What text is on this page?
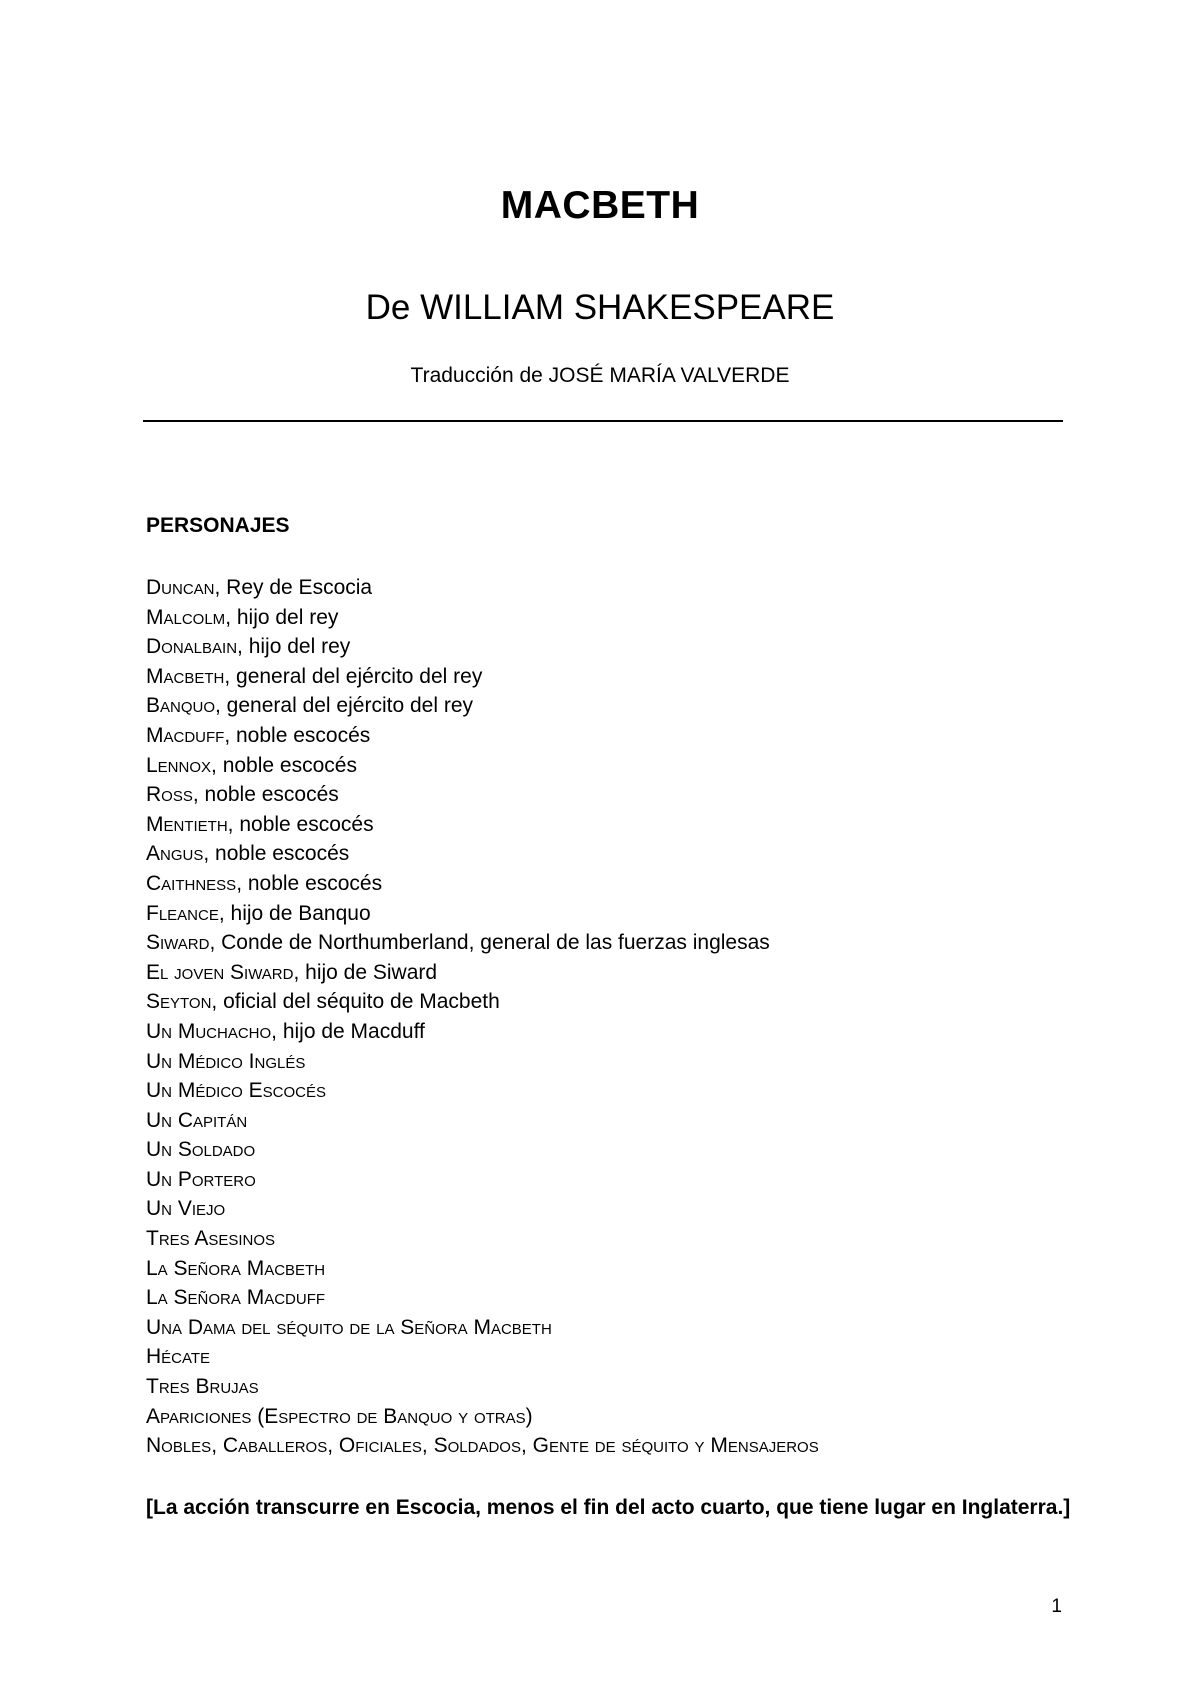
MACBETH
De WILLIAM SHAKESPEARE
Traducción de JOSÉ MARÍA VALVERDE
PERSONAJES
Duncan, Rey de Escocia
Malcolm, hijo del rey
Donalbain, hijo del rey
Macbeth, general del ejército del rey
Banquo, general del ejército del rey
Macduff, noble escocés
Lennox, noble escocés
Ross, noble escocés
Mentieth, noble escocés
Angus, noble escocés
Caithness, noble escocés
Fleance, hijo de Banquo
Siward, Conde de Northumberland, general de las fuerzas inglesas
El joven Siward, hijo de Siward
Seyton, oficial del séquito de Macbeth
Un Muchacho, hijo de Macduff
Un Médico Inglés
Un Médico Escocés
Un Capitán
Un Soldado
Un Portero
Un Viejo
Tres Asesinos
La Señora Macbeth
La Señora Macduff
Una Dama del séquito de la Señora Macbeth
Hécate
Tres Brujas
Apariciones (Espectro de Banquo y otras)
Nobles, Caballeros, Oficiales, Soldados, Gente de séquito y Mensajeros
[La acción transcurre en Escocia, menos el fin del acto cuarto, que tiene lugar en Inglaterra.]
1
